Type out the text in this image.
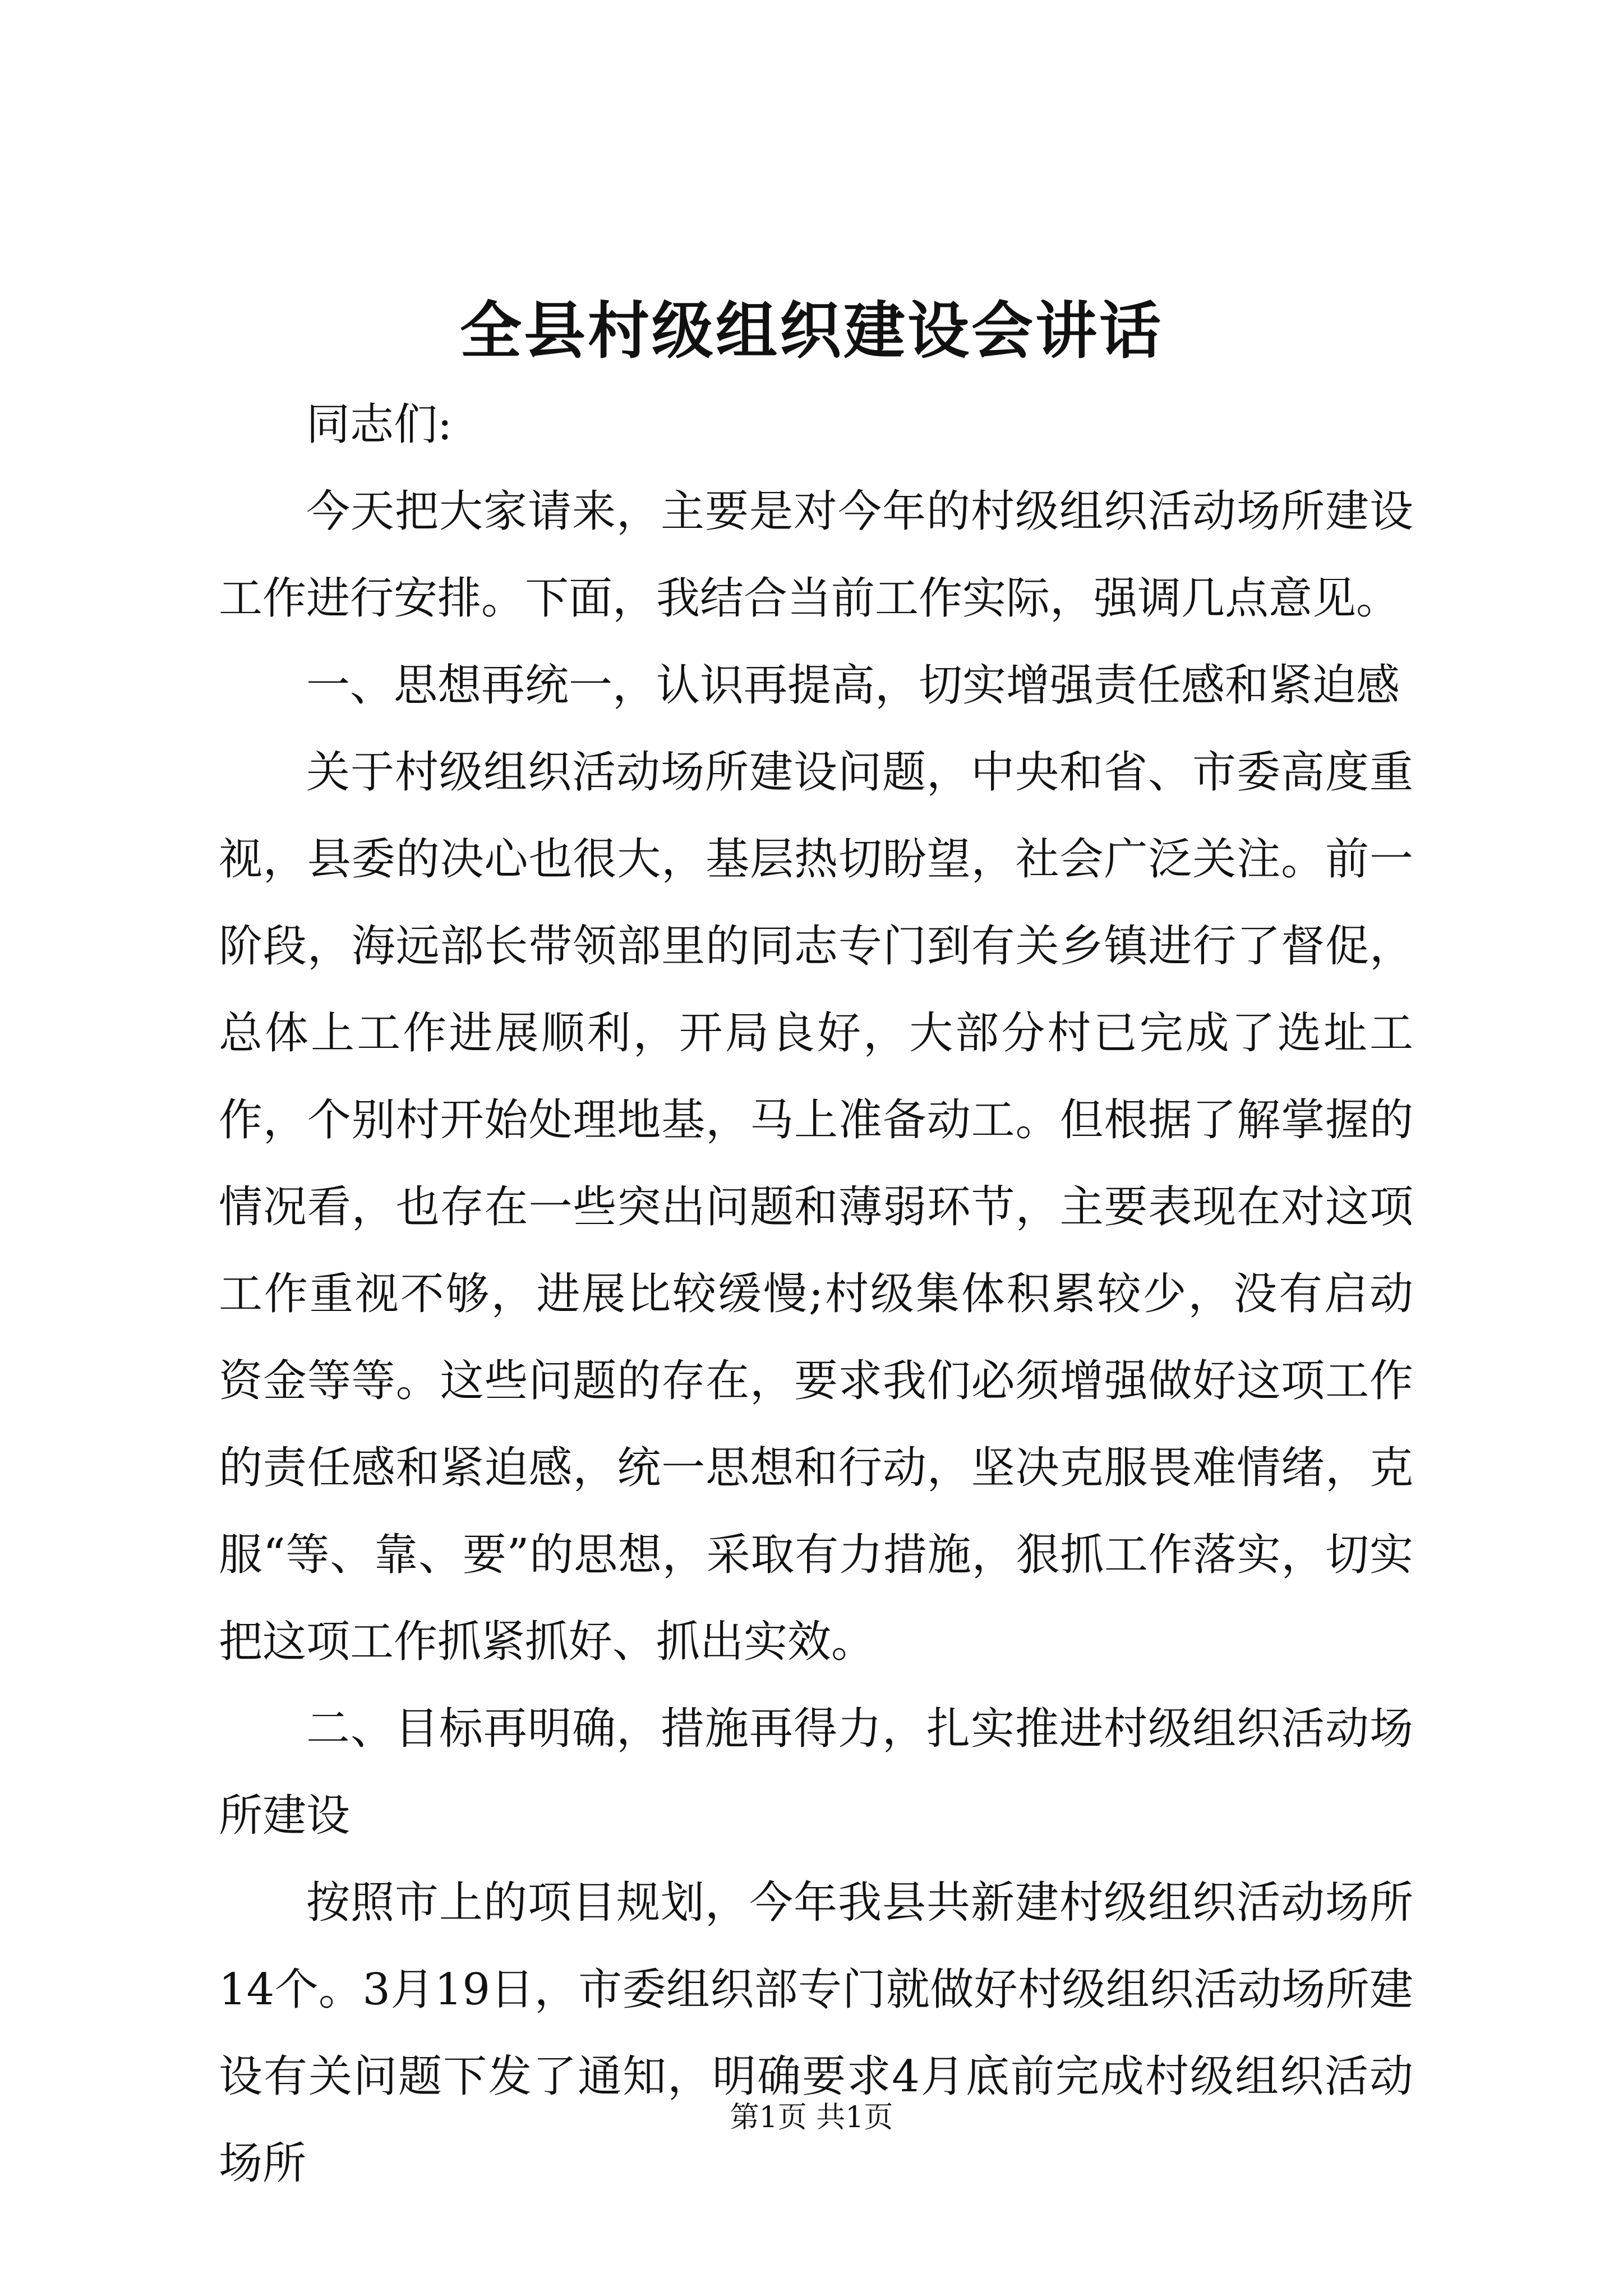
全县村级组织建设会讲话

同志们:

今天把大家请来，主要是对今年的村级组织活动场所建设工作进行安排。下面，我结合当前工作实际，强调几点意见。

一、思想再统一，认识再提高，切实增强责任感和紧迫感

关于村级组织活动场所建设问题，中央和省、市委高度重视，县委的决心也很大，基层热切盼望，社会广泛关注。前一阶段，海远部长带领部里的同志专门到有关乡镇进行了督促，总体上工作进展顺利，开局良好，大部分村已完成了选址工作，个别村开始处理地基，马上准备动工。但根据了解掌握的情况看，也存在一些突出问题和薄弱环节，主要表现在对这项工作重视不够，进展比较缓慢;村级集体积累较少，没有启动资金等等。这些问题的存在，要求我们必须增强做好这项工作的责任感和紧迫感，统一思想和行动，坚决克服畏难情绪，克服“等、靠、要”的思想，采取有力措施，狠抓工作落实，切实把这项工作抓紧抓好、抓出实效。

二、目标再明确，措施再得力，扎实推进村级组织活动场所建设

按照市上的项目规划，今年我县共新建村级组织活动场所14个。3月19日，市委组织部专门就做好村级组织活动场所建设有关问题下发了通知，明确要求4月底前完成村级组织活动场所

第1页 共1页
